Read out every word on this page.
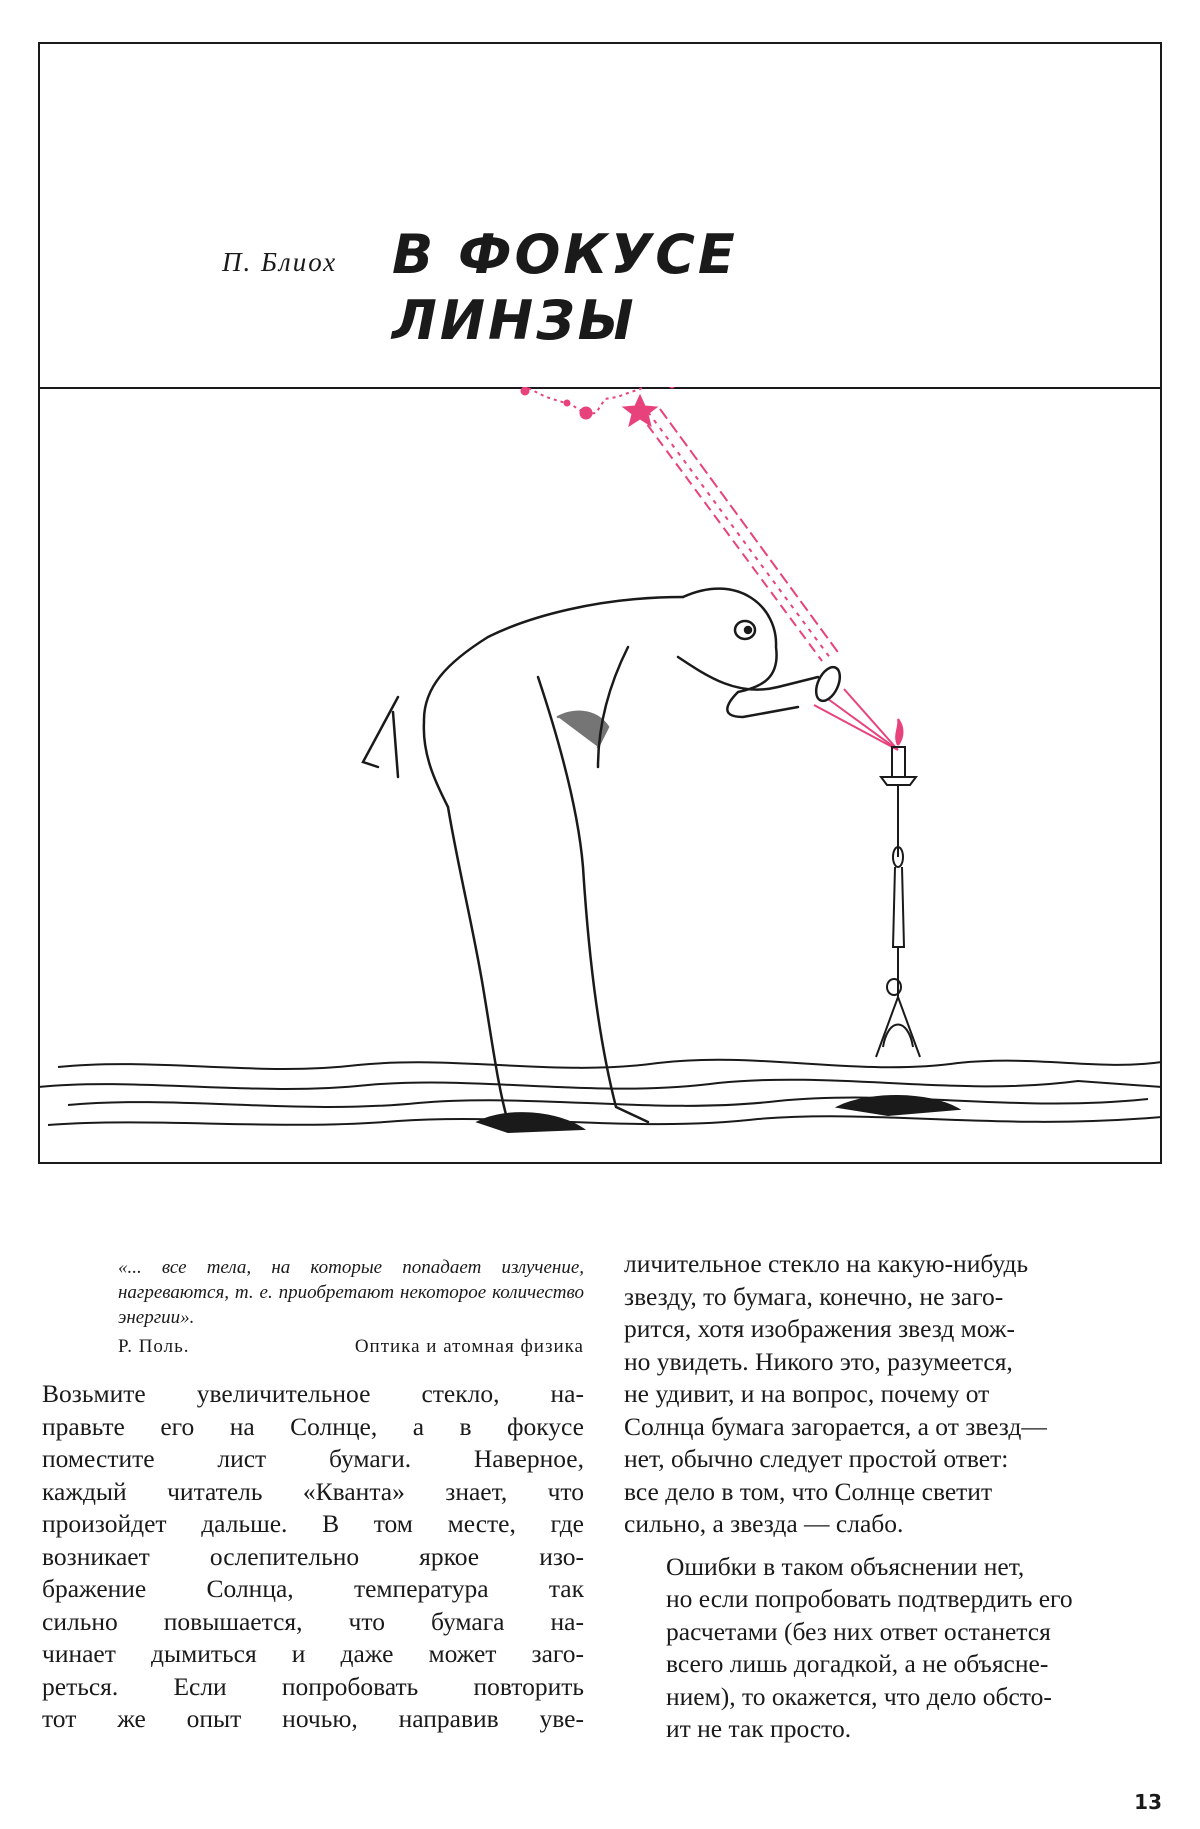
П. Блиох В ФОКУСЕ
ЛИНЗЫ
«... все тела, на которые попадает излучение, нагреваются, т. е. приобретают некоторое количество энергии».
Р. Поль.	Оптика и атомная физика

Возьмите увеличительное стекло, на-
правьте его на Солнце, а в фокусе
поместите лист бумаги. Наверное,
каждый читатель «Кванта» знает, что
произойдет дальше. В том месте, где
возникает ослепительно яркое изо-
бражение Солнца, температура так
сильно повышается, что бумага на-
чинает дымиться и даже может заго-
реться. Если попробовать повторить
тот же опыт ночью, направив уве-

личительное стекло на какую-нибудь
звезду, то бумага, конечно, не заго-
рится, хотя изображения звезд мож-
но увидеть. Никого это, разумеется,
не удивит, и на вопрос, почему от
Солнца бумага загорается, а от звезд—
нет, обычно следует простой ответ:
все дело в том, что Солнце светит
сильно, а звезда — слабо.

Ошибки в таком объяснении нет,
но если попробовать подтвердить его
расчетами (без них ответ останется
всего лишь догадкой, а не объясне-
нием), то окажется, что дело обсто-
ит не так просто.

13
